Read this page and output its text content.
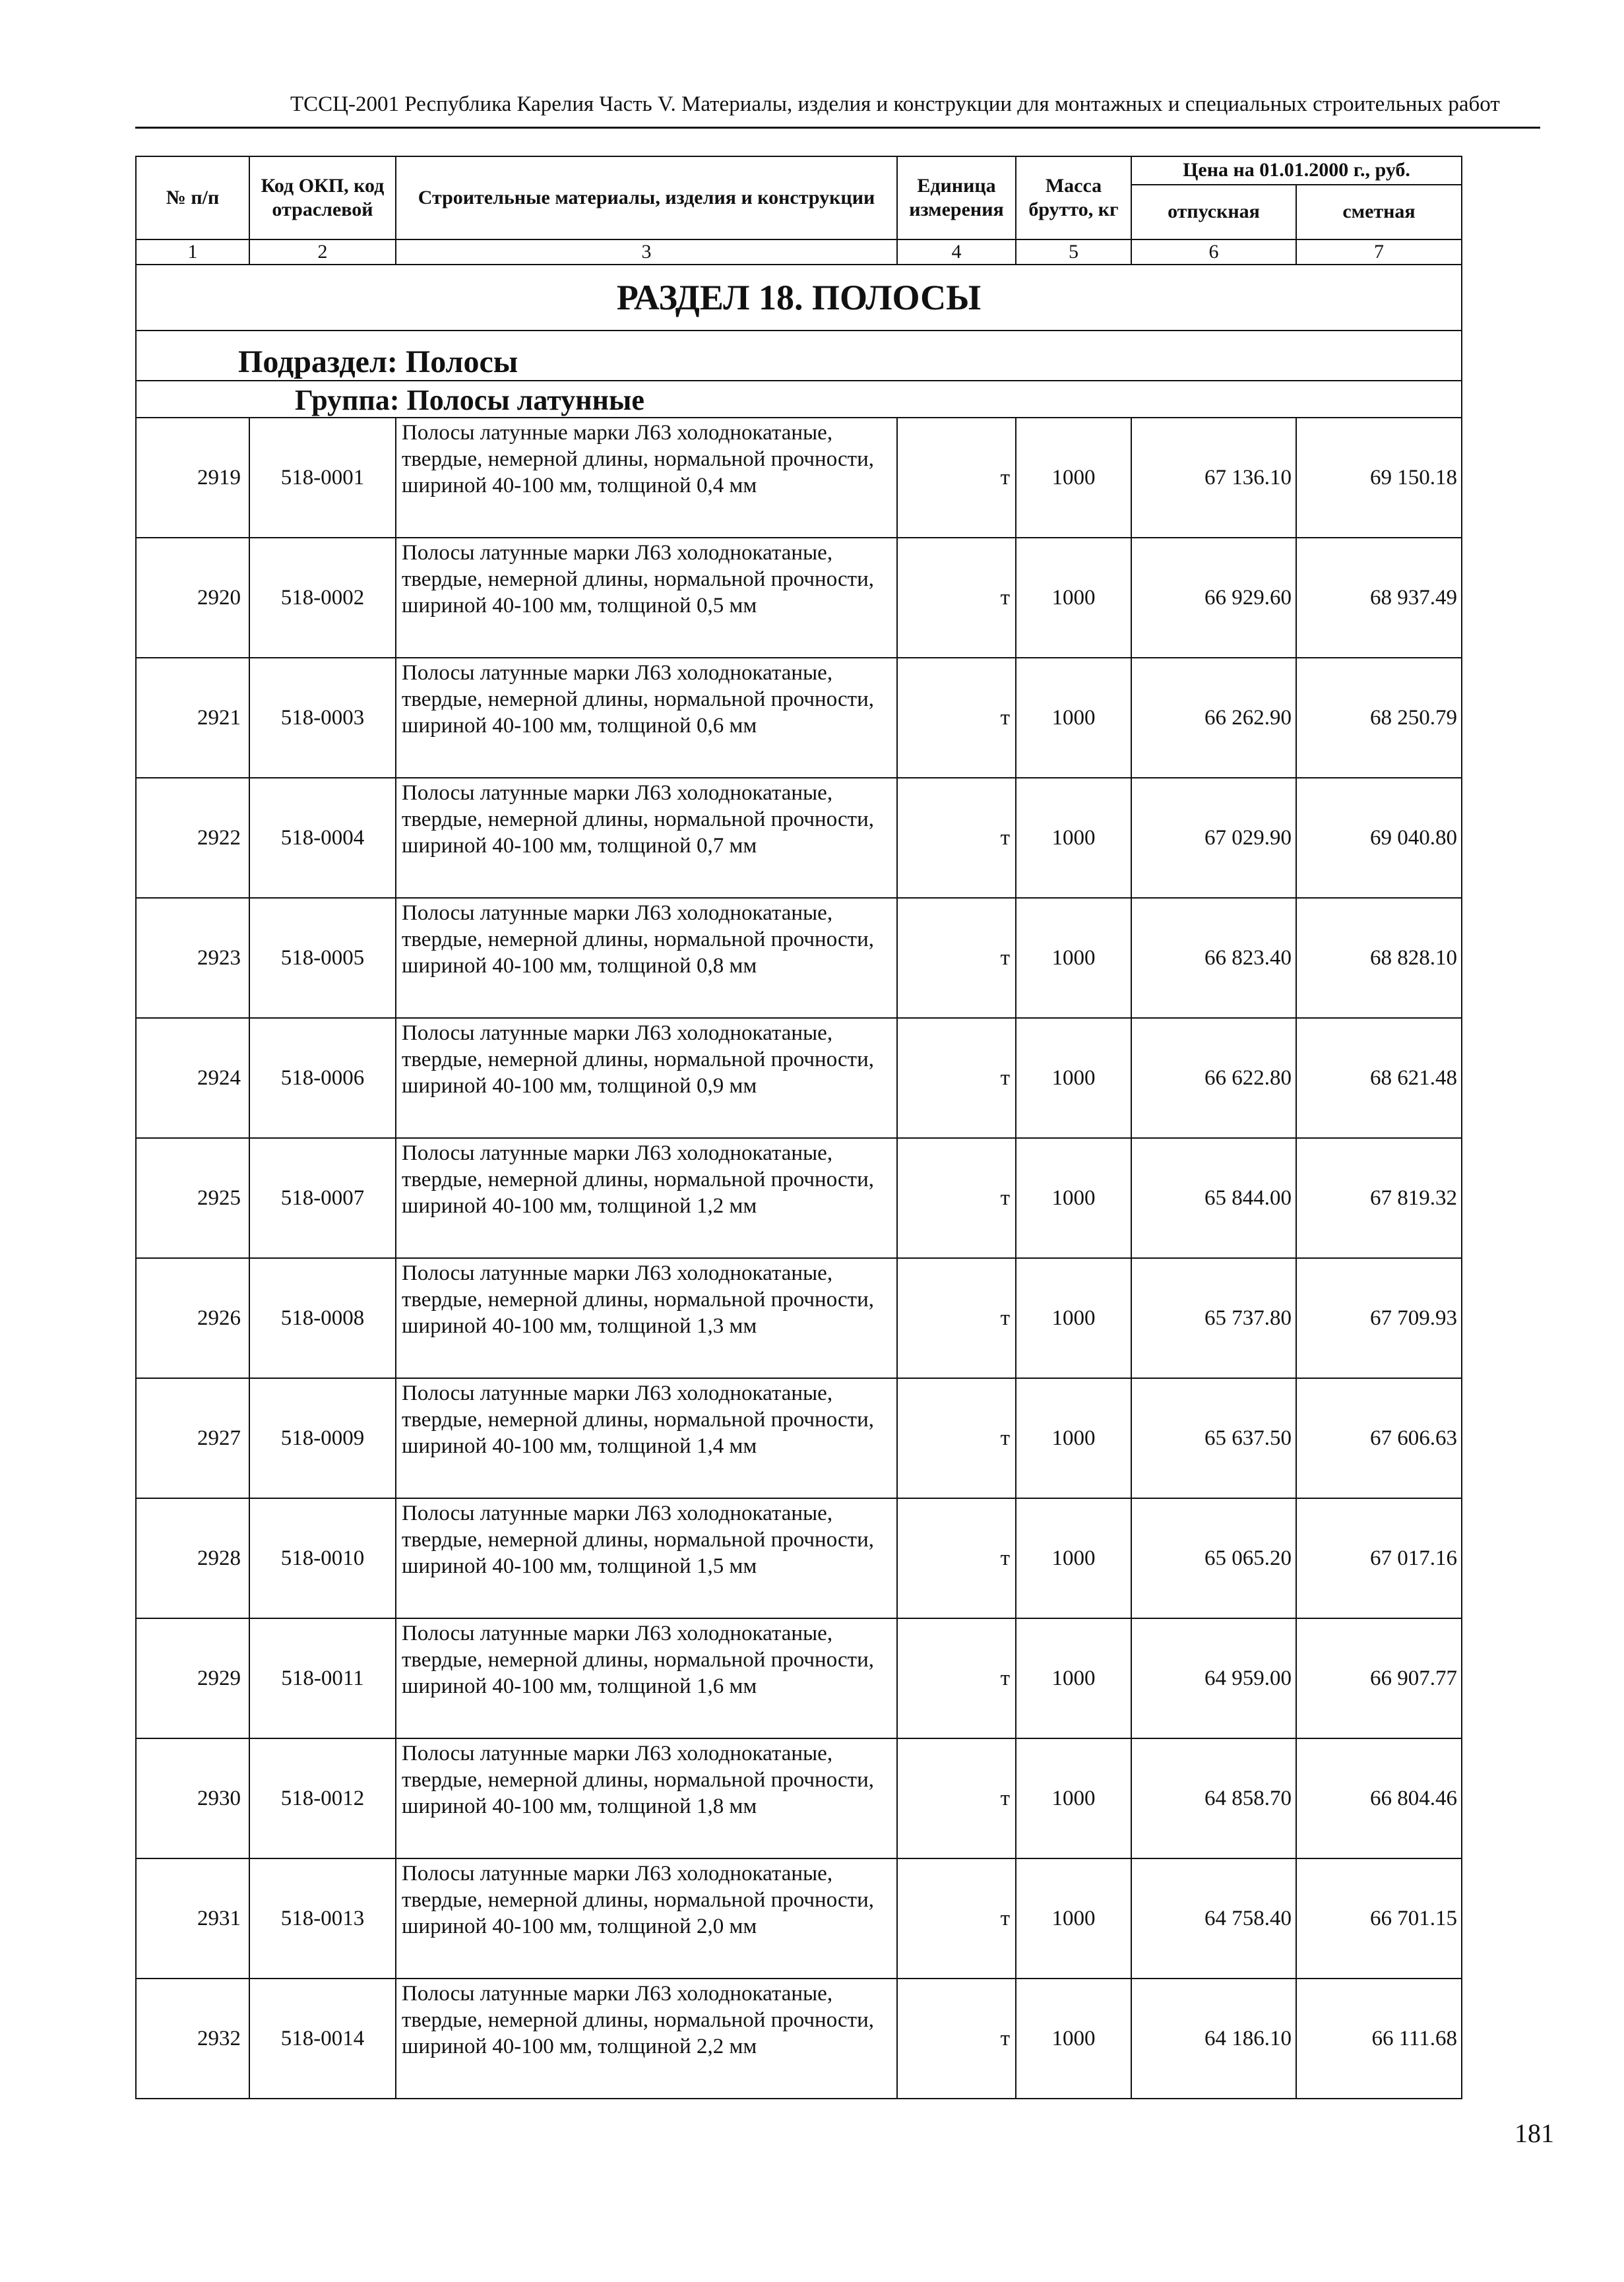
ТССЦ-2001 Республика Карелия Часть V. Материалы, изделия и конструкции для монтажных и специальных строительных работ
№ п/п	Код ОКП, код отраслевой	Строительные материалы, изделия и конструкции	Единица измерения	Масса брутто, кг	Цена на 01.01.2000 г., руб.	
					отпускная	сметная
1	2	3	4	5	6	7
РАЗДЕЛ 18. ПОЛОСЫ						
Подраздел: Полосы						
Группа: Полосы латунные						
2919	518-0001	Полосы латунные марки Л63 холоднокатаные, твердые, немерной длины, нормальной прочности, шириной 40-100 мм, толщиной 0,4 мм	т	1000	67 136.10	69 150.18
2920	518-0002	Полосы латунные марки Л63 холоднокатаные, твердые, немерной длины, нормальной прочности, шириной 40-100 мм, толщиной 0,5 мм	т	1000	66 929.60	68 937.49
2921	518-0003	Полосы латунные марки Л63 холоднокатаные, твердые, немерной длины, нормальной прочности, шириной 40-100 мм, толщиной 0,6 мм	т	1000	66 262.90	68 250.79
2922	518-0004	Полосы латунные марки Л63 холоднокатаные, твердые, немерной длины, нормальной прочности, шириной 40-100 мм, толщиной 0,7 мм	т	1000	67 029.90	69 040.80
2923	518-0005	Полосы латунные марки Л63 холоднокатаные, твердые, немерной длины, нормальной прочности, шириной 40-100 мм, толщиной 0,8 мм	т	1000	66 823.40	68 828.10
2924	518-0006	Полосы латунные марки Л63 холоднокатаные, твердые, немерной длины, нормальной прочности, шириной 40-100 мм, толщиной 0,9 мм	т	1000	66 622.80	68 621.48
2925	518-0007	Полосы латунные марки Л63 холоднокатаные, твердые, немерной длины, нормальной прочности, шириной 40-100 мм, толщиной 1,2 мм	т	1000	65 844.00	67 819.32
2926	518-0008	Полосы латунные марки Л63 холоднокатаные, твердые, немерной длины, нормальной прочности, шириной 40-100 мм, толщиной 1,3 мм	т	1000	65 737.80	67 709.93
2927	518-0009	Полосы латунные марки Л63 холоднокатаные, твердые, немерной длины, нормальной прочности, шириной 40-100 мм, толщиной 1,4 мм	т	1000	65 637.50	67 606.63
2928	518-0010	Полосы латунные марки Л63 холоднокатаные, твердые, немерной длины, нормальной прочности, шириной 40-100 мм, толщиной 1,5 мм	т	1000	65 065.20	67 017.16
2929	518-0011	Полосы латунные марки Л63 холоднокатаные, твердые, немерной длины, нормальной прочности, шириной 40-100 мм, толщиной 1,6 мм	т	1000	64 959.00	66 907.77
2930	518-0012	Полосы латунные марки Л63 холоднокатаные, твердые, немерной длины, нормальной прочности, шириной 40-100 мм, толщиной 1,8 мм	т	1000	64 858.70	66 804.46
2931	518-0013	Полосы латунные марки Л63 холоднокатаные, твердые, немерной длины, нормальной прочности, шириной 40-100 мм, толщиной 2,0 мм	т	1000	64 758.40	66 701.15
2932	518-0014	Полосы латунные марки Л63 холоднокатаные, твердые, немерной длины, нормальной прочности, шириной 40-100 мм, толщиной 2,2 мм	т	1000	64 186.10	66 111.68
181
